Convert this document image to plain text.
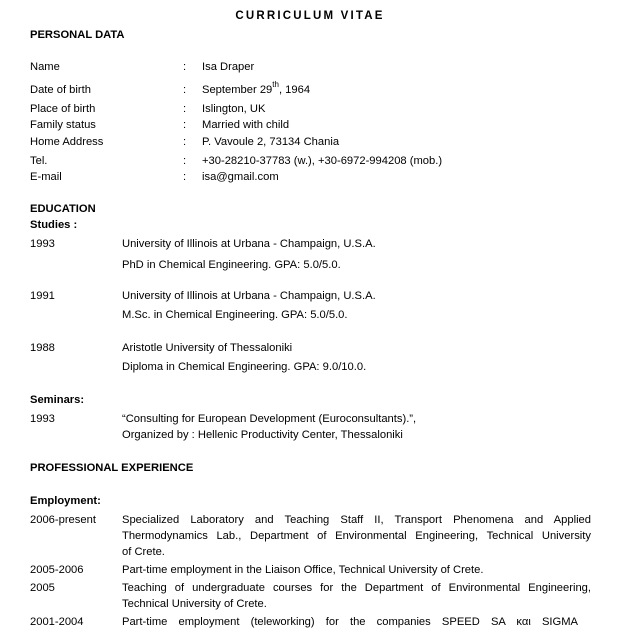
CURRICULUM VITAE
PERSONAL DATA
Name	: Isa Draper
Date of birth	: September 29th, 1964
Place of birth	: Islington, UK
Family status	: Married with child
Home Address	: P. Vavoule 2, 73134 Chania
Tel.	: +30-28210-37783 (w.), +30-6972-994208 (mob.)
E-mail	: isa@gmail.com
EDUCATION
Studies :
1993	University of Illinois at Urbana - Champaign, U.S.A.
PhD in Chemical Engineering. GPA: 5.0/5.0.
1991	University of Illinois at Urbana - Champaign, U.S.A.
M.Sc. in Chemical Engineering. GPA: 5.0/5.0.
1988	Aristotle University of Thessaloniki
Diploma in Chemical Engineering. GPA: 9.0/10.0.
Seminars:
1993	“Consulting for European Development (Euroconsultants).”,
Organized by : Hellenic Productivity Center, Thessaloniki
PROFESSIONAL EXPERIENCE
Employment:
2006-present Specialized Laboratory and Teaching Staff II, Transport Phenomena and Applied
Thermodynamics Lab., Department of Environmental Engineering, Technical University
of Crete.
2005-2006	Part-time employment in the Liaison Office, Technical University of Crete.
2005	Teaching of undergraduate courses for the Department of Environmental Engineering,
Technical University of Crete.
2001-2004	Part-time employment (teleworking) for the companies SPEED SA και SIGMA
